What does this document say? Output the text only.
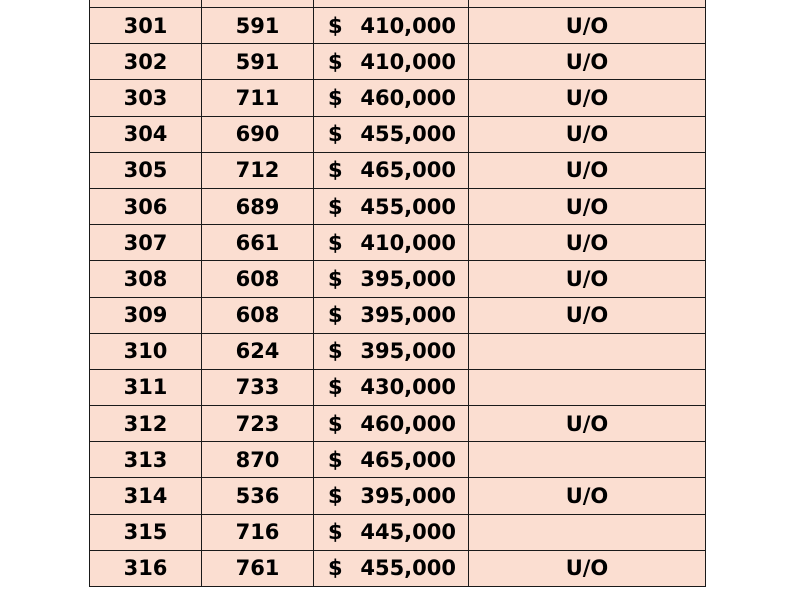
301	591	$ 410,000	U/O
302	591	$ 410,000	U/O
303	711	$ 460,000	U/O
304	690	$ 455,000	U/O
305	712	$ 465,000	U/O
306	689	$ 455,000	U/O
307	661	$ 410,000	U/O
308	608	$ 395,000	U/O
309	608	$ 395,000	U/O
310	624	$ 395,000	
311	733	$ 430,000	
312	723	$ 460,000	U/O
313	870	$ 465,000	
314	536	$ 395,000	U/O
315	716	$ 445,000	
316	761	$ 455,000	U/O
